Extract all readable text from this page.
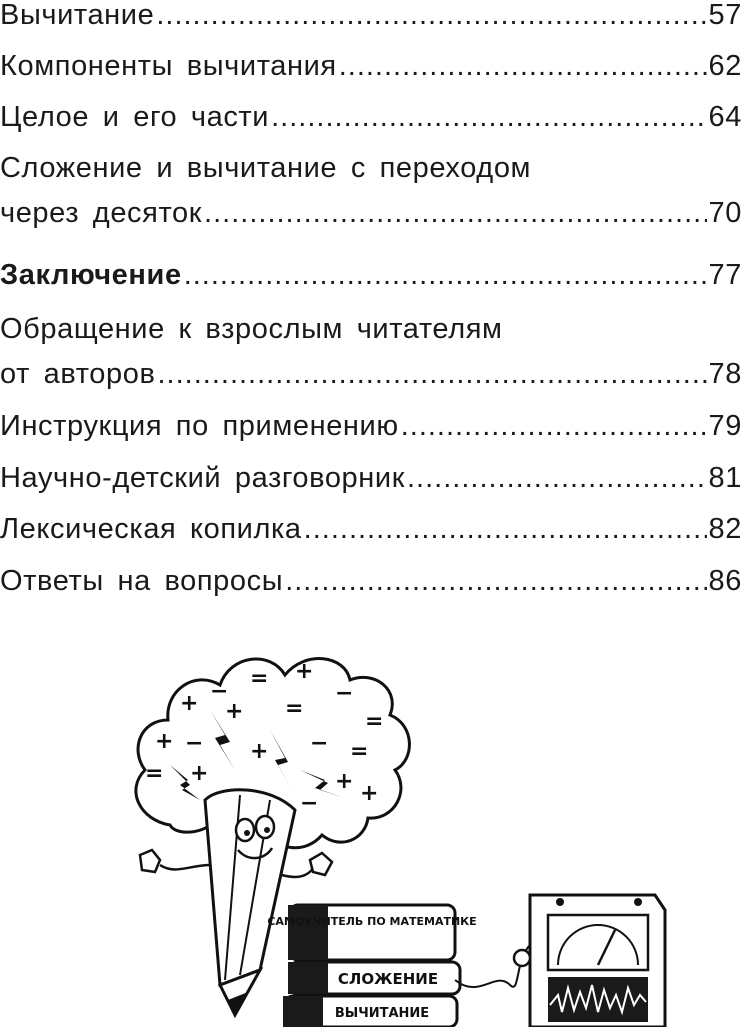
Вычитание .....	57
Компоненты вычитания .....	62
Целое и его части .....	64
Сложение и вычитание с переходом
через десяток .....	70
Заключение .....	77
Обращение к взрослым читателям
от авторов .....	78
Инструкция по применению .....	79
Научно-детский разговорник .....	81
Лексическая копилка .....	82
Ответы на вопросы .....	86
+ −
= +
−
=
+
+ =
− +	=
+
−
+
=
+
−
САМОУЧИТЕЛЬ ПО МАТЕМАТИКЕ
СЛОЖЕНИЕ
ВЫЧИТАНИЕ
